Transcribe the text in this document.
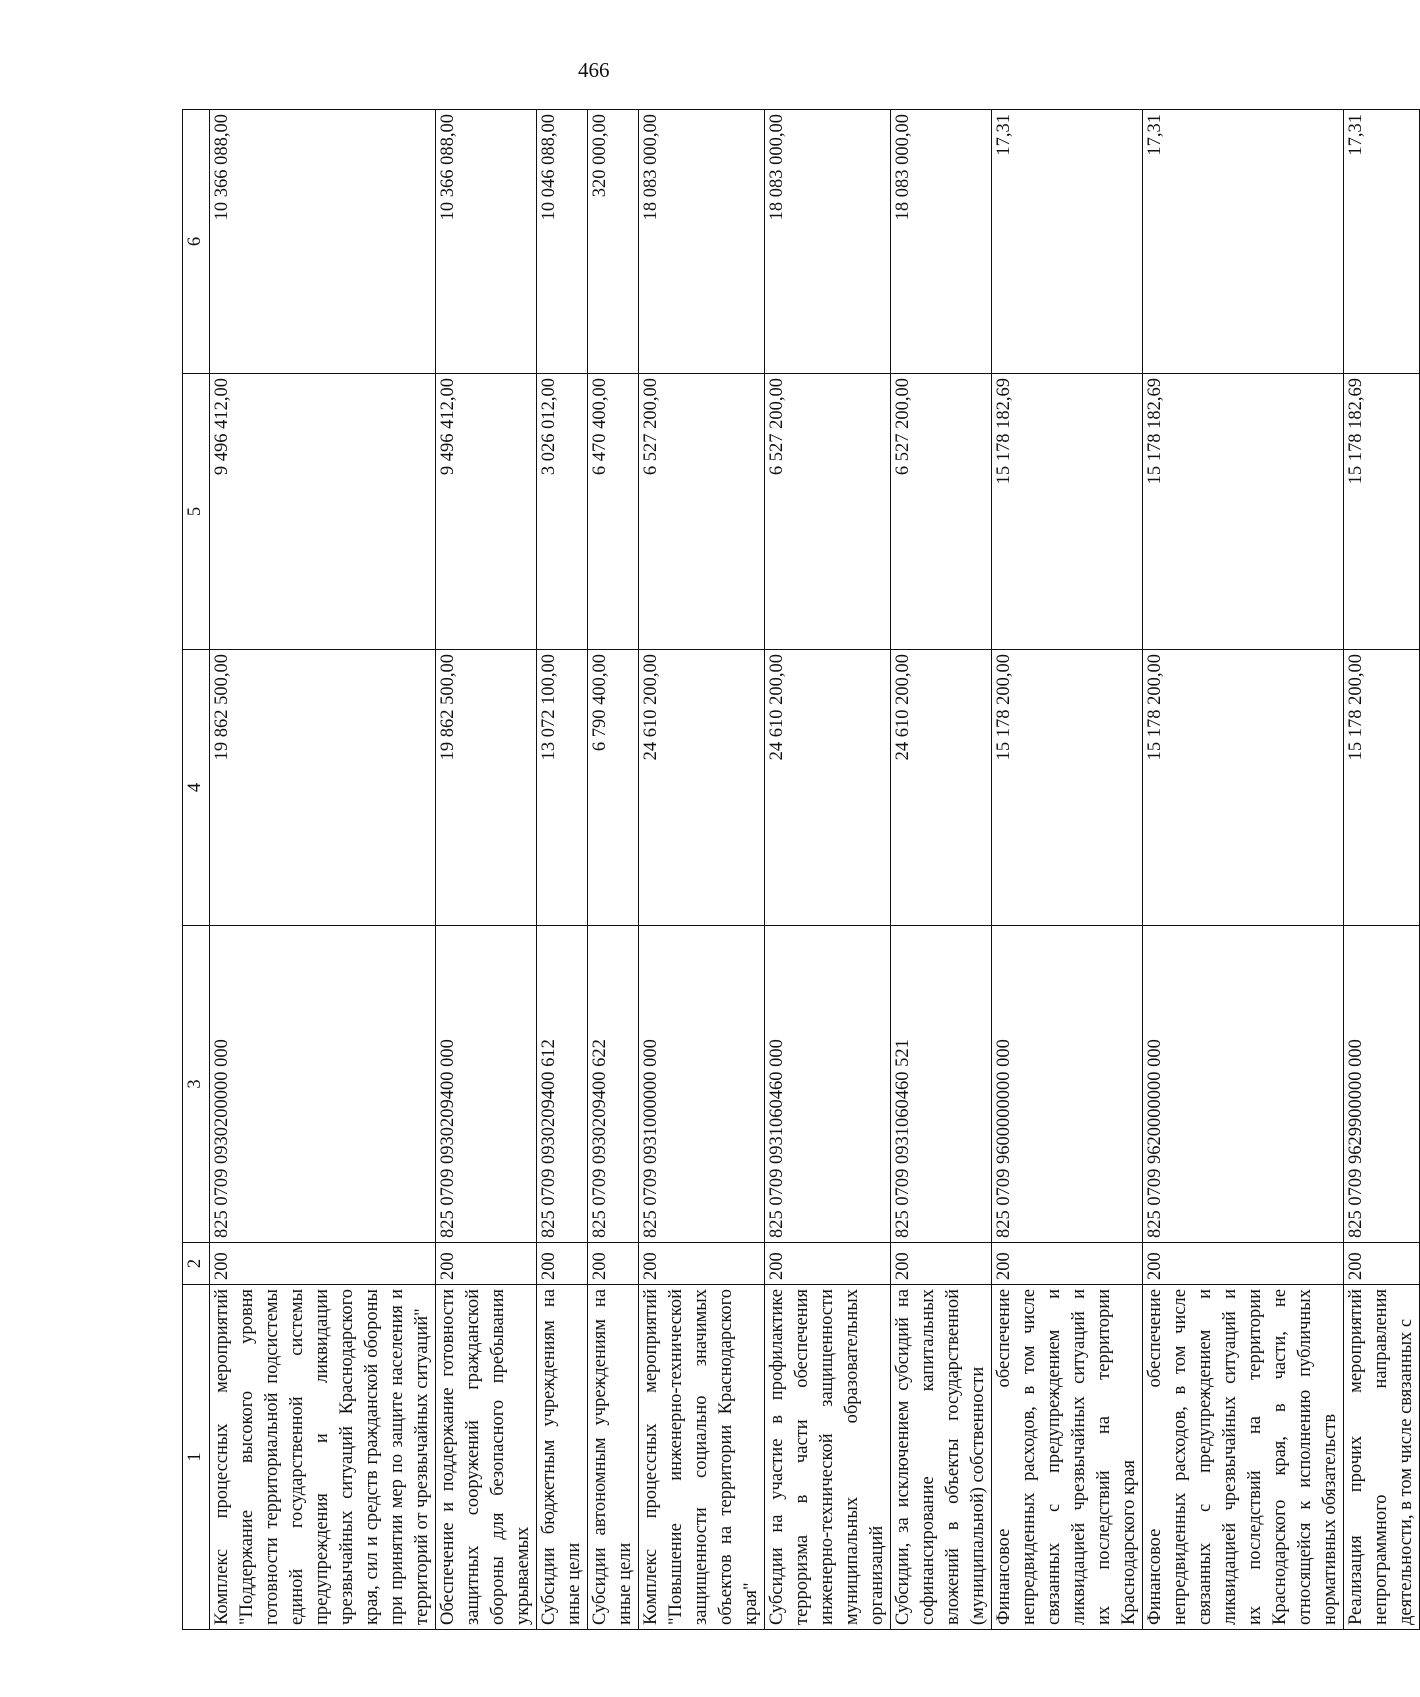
466
1	2	3	4	5	6
Комплекс процессных мероприятий "Поддержание высокого уровня готовности территориальной подсистемы единой государственной системы предупреждения и ликвидации чрезвычайных ситуаций Краснодарского края, сил и средств гражданской обороны при принятии мер по защите населения и территорий от чрезвычайных ситуаций"	200	825 0709 0930200000 000	19 862 500,00	9 496 412,00	10 366 088,00
Обеспечение и поддержание готовности защитных сооружений гражданской обороны для безопасного пребывания укрываемых	200	825 0709 0930209400 000	19 862 500,00	9 496 412,00	10 366 088,00
Субсидии бюджетным учреждениям на иные цели	200	825 0709 0930209400 612	13 072 100,00	3 026 012,00	10 046 088,00
Субсидии автономным учреждениям на иные цели	200	825 0709 0930209400 622	6 790 400,00	6 470 400,00	320 000,00
Комплекс процессных мероприятий "Повышение инженерно-технической защищенности социально значимых объектов на территории Краснодарского края"	200	825 0709 0931000000 000	24 610 200,00	6 527 200,00	18 083 000,00
Субсидии на участие в профилактике терроризма в части обеспечения инженерно-технической защищенности муниципальных образовательных организаций	200	825 0709 0931060460 000	24 610 200,00	6 527 200,00	18 083 000,00
Субсидии, за исключением субсидий на софинансирование капитальных вложений в объекты государственной (муниципальной) собственности	200	825 0709 0931060460 521	24 610 200,00	6 527 200,00	18 083 000,00
Финансовое обеспечение непредвиденных расходов, в том числе связанных с предупреждением и ликвидацией чрезвычайных ситуаций и их последствий на территории Краснодарского края	200	825 0709 9600000000 000	15 178 200,00	15 178 182,69	17,31
Финансовое обеспечение непредвиденных расходов, в том числе связанных с предупреждением и ликвидацией чрезвычайных ситуаций и их последствий на территории Краснодарского края, в части, не относящейся к исполнению публичных нормативных обязательств	200	825 0709 9620000000 000	15 178 200,00	15 178 182,69	17,31
Реализация прочих мероприятий непрограммного направления деятельности, в том числе связанных с	200	825 0709 9629900000 000	15 178 200,00	15 178 182,69	17,31
